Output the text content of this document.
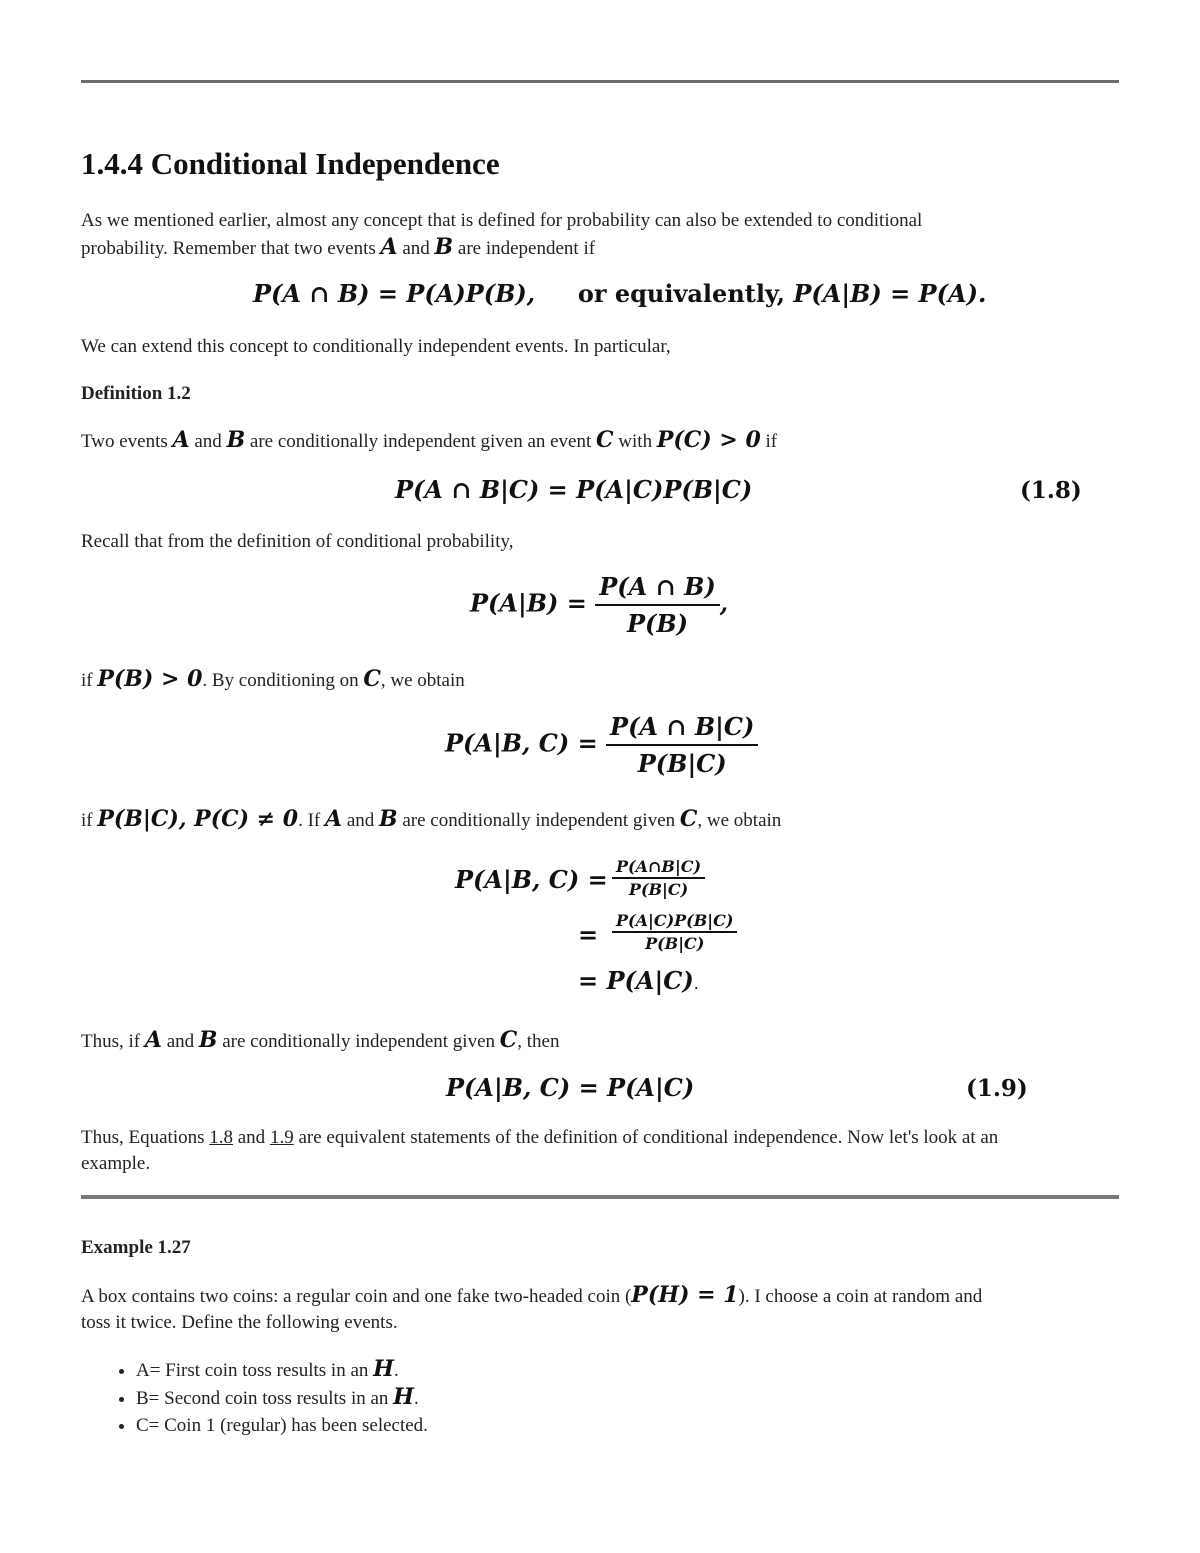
1.4.4 Conditional Independence

As we mentioned earlier, almost any concept that is defined for probability can also be extended to conditional
probability. Remember that two events A and B are independent if

P(A ∩ B) = P(A)P(B), or equivalently, P(A|B) = P(A).

We can extend this concept to conditionally independent events. In particular,

Definition 1.2

Two events A and B are conditionally independent given an event C with P(C) > 0 if

P(A ∩ B|C) = P(A|C)P(B|C)	(1.8)

Recall that from the definition of conditional probability,

$P(A|B) = \frac{P(A \cap B)}{P(B)}$ ,

if P(B) > 0. By conditioning on C, we obtain

P(A|B, $C) = \frac{P(A \cap B|C)}{P(B|C)}$

if P(B|C), P(C) ≠ 0. If A and B are conditionally independent given C, we obtain

P(A|B, $C) = \frac{P(A\cap B|C)}{P(B|C)}$
= $\frac{P(A|C)P(B|C)}{P(B|C)}$
= P(A|C).

Thus, if A and B are conditionally independent given C, then

P(A|B, C) = P(A|C)	(1.9)

Thus, Equations 1.8 and 1.9 are equivalent statements of the definition of conditional independence. Now let's look at an
example.

Example 1.27

A box contains two coins: a regular coin and one fake two-headed coin (P(H) = 1). I choose a coin at random and
toss it twice. Define the following events.

• A= First coin toss results in an H.
• B= Second coin toss results in an H.
• C= Coin 1 (regular) has been selected.
